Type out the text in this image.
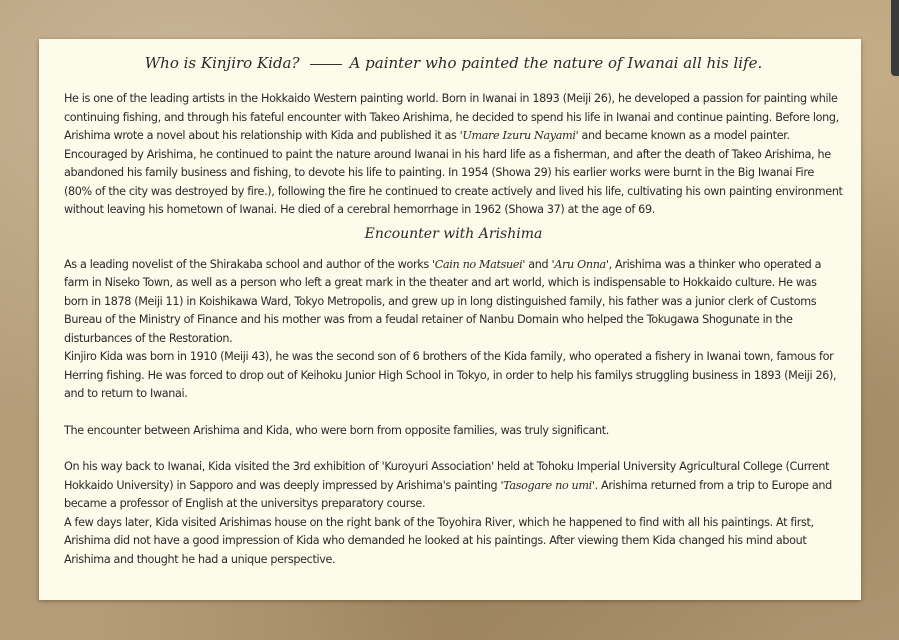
Who is Kinjiro Kida?	A painter who painted the nature of Iwanai all his life.

He is one of the leading artists in the Hokkaido Western painting world. Born in Iwanai in 1893 (Meiji 26), he developed a passion for painting while continuing fishing, and through his fateful encounter with Takeo Arishima, he decided to spend his life in Iwanai and continue painting. Before long, Arishima wrote a novel about his relationship with Kida and published it as 'Umare Izuru Nayami' and became known as a model painter. Encouraged by Arishima, he continued to paint the nature around Iwanai in his hard life as a fisherman, and after the death of Takeo Arishima, he abandoned his family business and fishing, to devote his life to painting. In 1954 (Showa 29) his earlier works were burnt in the Big Iwanai Fire (80% of the city was destroyed by fire.), following the fire he continued to create actively and lived his life, cultivating his own painting environment without leaving his hometown of Iwanai. He died of a cerebral hemorrhage in 1962 (Showa 37) at the age of 69.

Encounter with Arishima

As a leading novelist of the Shirakaba school and author of the works 'Cain no Matsuei' and 'Aru Onna', Arishima was a thinker who operated a farm in Niseko Town, as well as a person who left a great mark in the theater and art world, which is indispensable to Hokkaido culture. He was born in 1878 (Meiji 11) in Koishikawa Ward, Tokyo Metropolis, and grew up in long distinguished family, his father was a junior clerk of Customs Bureau of the Ministry of Finance and his mother was from a feudal retainer of Nanbu Domain who helped the Tokugawa Shogunate in the disturbances of the Restoration.

Kinjiro Kida was born in 1910 (Meiji 43), he was the second son of 6 brothers of the Kida family, who operated a fishery in Iwanai town, famous for Herring fishing. He was forced to drop out of Keihoku Junior High School in Tokyo, in order to help his familys struggling business in 1893 (Meiji 26), and to return to Iwanai.

The encounter between Arishima and Kida, who were born from opposite families, was truly significant.

On his way back to Iwanai, Kida visited the 3rd exhibition of 'Kuroyuri Association' held at Tohoku Imperial University Agricultural College (Current Hokkaido University) in Sapporo and was deeply impressed by Arishima's painting 'Tasogare no umi'. Arishima returned from a trip to Europe and became a professor of English at the universitys preparatory course.

A few days later, Kida visited Arishimas house on the right bank of the Toyohira River, which he happened to find with all his paintings. At first, Arishima did not have a good impression of Kida who demanded he looked at his paintings. After viewing them Kida changed his mind about Arishima and thought he had a unique perspective.
